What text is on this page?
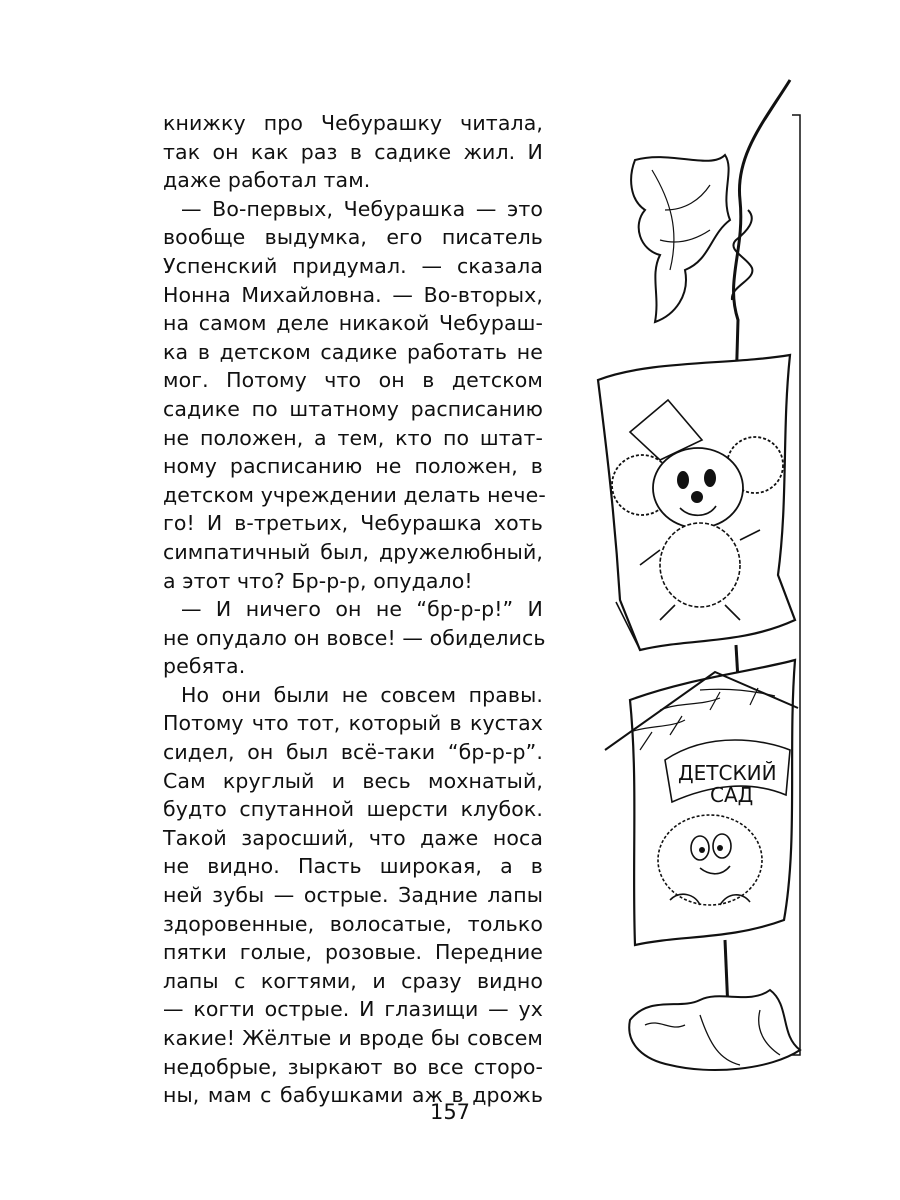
книжку про Чебурашку читала,
так он как раз в садике жил. И
даже работал там.
— Во-первых, Чебурашка — это
вообще выдумка, его писатель
Успенский придумал. — сказала
Нонна Михайловна. — Во-вторых,
на самом деле никакой Чебураш-
ка в детском садике работать не
мог. Потому что он в детском
садике по штатному расписанию
не положен, а тем, кто по штат-
ному расписанию не положен, в
детском учреждении делать нече-
го! И в-третьих, Чебурашка хоть
симпатичный был, дружелюбный,
а этот что? Бр-р-р, опудало!
— И ничего он не “бр-р-р!” И
не опудало он вовсе! — обиделись
ребята.
Но они были не совсем правы.
Потому что тот, который в кустах
сидел, он был всё-таки “бр-р-р”.
Сам круглый и весь мохнатый,
будто спутанной шерсти клубок.
Такой заросший, что даже носа
не видно. Пасть широкая, а в
ней зубы — острые. Задние лапы
здоровенные, волосатые, только
пятки голые, розовые. Передние
лапы с когтями, и сразу видно
— когти острые. И глазищи — ух
какие! Жёлтые и вроде бы совсем
недобрые, зыркают во все сторо-
ны, мам с бабушками аж в дрожь
ДЕТСКИЙ
САД
157
